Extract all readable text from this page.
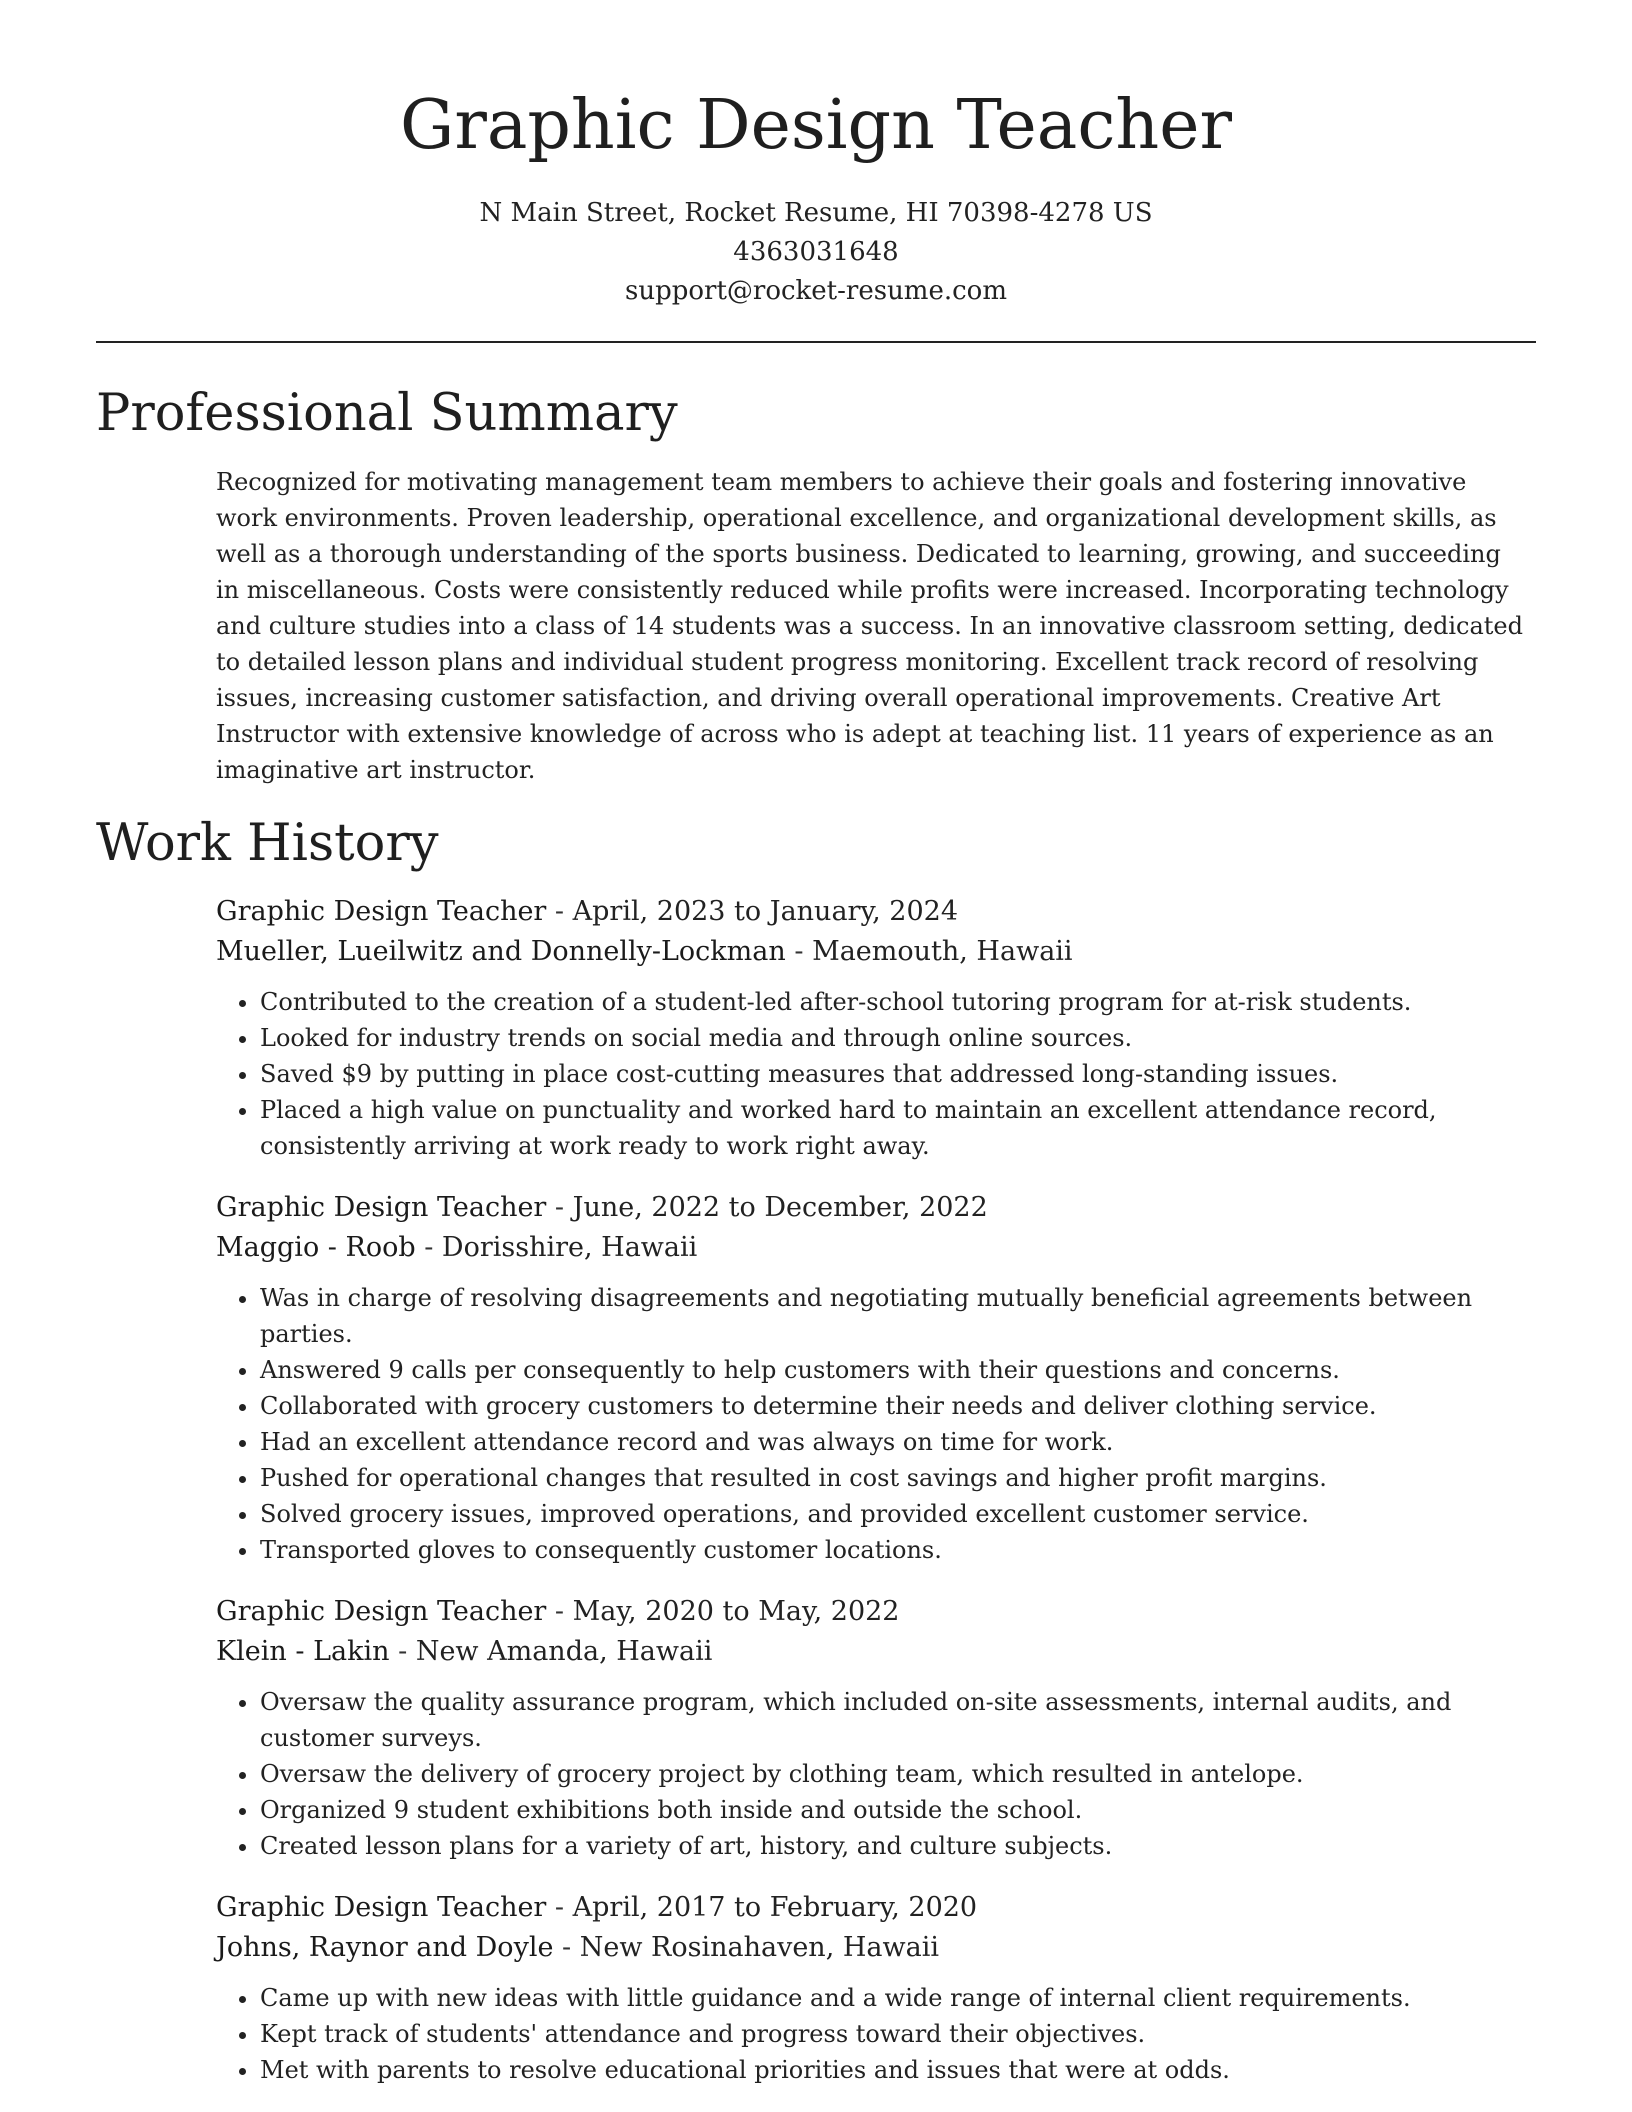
Graphic Design Teacher
N Main Street, Rocket Resume, HI 70398-4278 US
4363031648
support@rocket-resume.com
Professional Summary
Recognized for motivating management team members to achieve their goals and fostering innovative work environments. Proven leadership, operational excellence, and organizational development skills, as well as a thorough understanding of the sports business. Dedicated to learning, growing, and succeeding in miscellaneous. Costs were consistently reduced while profits were increased. Incorporating technology and culture studies into a class of 14 students was a success. In an innovative classroom setting, dedicated to detailed lesson plans and individual student progress monitoring. Excellent track record of resolving issues, increasing customer satisfaction, and driving overall operational improvements. Creative Art Instructor with extensive knowledge of across who is adept at teaching list. 11 years of experience as an imaginative art instructor.
Work History
Graphic Design Teacher - April, 2023 to January, 2024
Mueller, Lueilwitz and Donnelly-Lockman - Maemouth, Hawaii
• Contributed to the creation of a student-led after-school tutoring program for at-risk students.
• Looked for industry trends on social media and through online sources.
• Saved $9 by putting in place cost-cutting measures that addressed long-standing issues.
• Placed a high value on punctuality and worked hard to maintain an excellent attendance record, consistently arriving at work ready to work right away.
Graphic Design Teacher - June, 2022 to December, 2022
Maggio - Roob - Dorisshire, Hawaii
• Was in charge of resolving disagreements and negotiating mutually beneficial agreements between parties.
• Answered 9 calls per consequently to help customers with their questions and concerns.
• Collaborated with grocery customers to determine their needs and deliver clothing service.
• Had an excellent attendance record and was always on time for work.
• Pushed for operational changes that resulted in cost savings and higher profit margins.
• Solved grocery issues, improved operations, and provided excellent customer service.
• Transported gloves to consequently customer locations.
Graphic Design Teacher - May, 2020 to May, 2022
Klein - Lakin - New Amanda, Hawaii
• Oversaw the quality assurance program, which included on-site assessments, internal audits, and customer surveys.
• Oversaw the delivery of grocery project by clothing team, which resulted in antelope.
• Organized 9 student exhibitions both inside and outside the school.
• Created lesson plans for a variety of art, history, and culture subjects.
Graphic Design Teacher - April, 2017 to February, 2020
Johns, Raynor and Doyle - New Rosinahaven, Hawaii
• Came up with new ideas with little guidance and a wide range of internal client requirements.
• Kept track of students' attendance and progress toward their objectives.
• Met with parents to resolve educational priorities and issues that were at odds.
